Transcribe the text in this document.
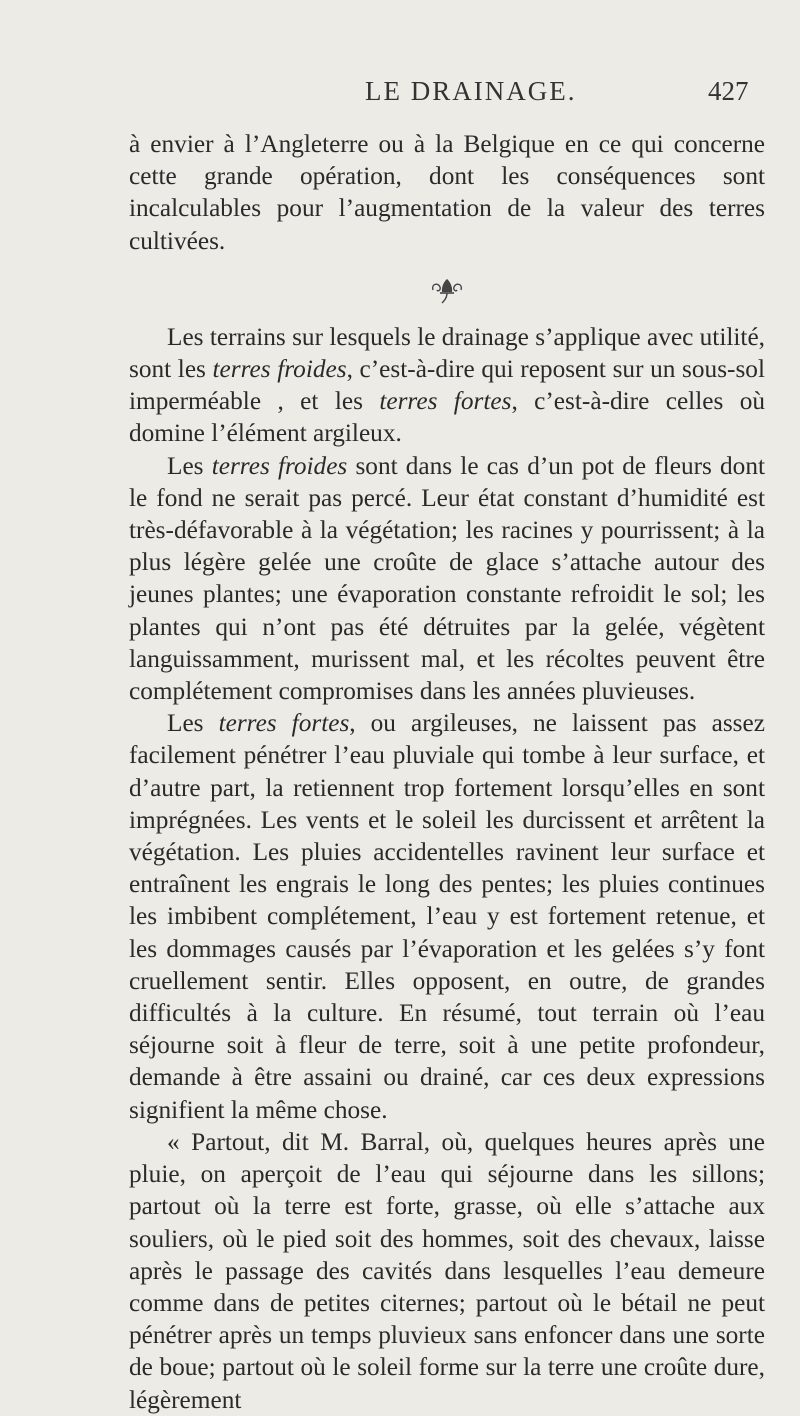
LE DRAINAGE.	427

à envier à l’Angleterre ou à la Belgique en ce qui concerne cette grande opération, dont les conséquences sont incalculables pour l’augmentation de la valeur des terres cultivées.

Les terrains sur lesquels le drainage s’applique avec utilité, sont les terres froides, c’est-à-dire qui reposent sur un sous-sol imperméable , et les terres fortes, c’est-à-dire celles où domine l’élément argileux.

Les terres froides sont dans le cas d’un pot de fleurs dont le fond ne serait pas percé. Leur état constant d’humidité est très-défavorable à la végétation; les racines y pourrissent; à la plus légère gelée une croûte de glace s’attache autour des jeunes plantes; une évaporation constante refroidit le sol; les plantes qui n’ont pas été détruites par la gelée, végètent languissamment, murissent mal, et les récoltes peuvent être complétement compromises dans les années pluvieuses.

Les terres fortes, ou argileuses, ne laissent pas assez facilement pénétrer l’eau pluviale qui tombe à leur surface, et d’autre part, la retiennent trop fortement lorsqu’elles en sont imprégnées. Les vents et le soleil les durcissent et arrêtent la végétation. Les pluies accidentelles ravinent leur surface et entraînent les engrais le long des pentes; les pluies continues les imbibent complétement, l’eau y est fortement retenue, et les dommages causés par l’évaporation et les gelées s’y font cruellement sentir. Elles opposent, en outre, de grandes difficultés à la culture. En résumé, tout terrain où l’eau séjourne soit à fleur de terre, soit à une petite profondeur, demande à être assaini ou drainé, car ces deux expressions signifient la même chose.

« Partout, dit M. Barral, où, quelques heures après une pluie, on aperçoit de l’eau qui séjourne dans les sillons; partout où la terre est forte, grasse, où elle s’attache aux souliers, où le pied soit des hommes, soit des chevaux, laisse après le passage des cavités dans lesquelles l’eau demeure comme dans de petites citernes; partout où le bétail ne peut pénétrer après un temps pluvieux sans enfoncer dans une sorte de boue; partout où le soleil forme sur la terre une croûte dure, légèrement
